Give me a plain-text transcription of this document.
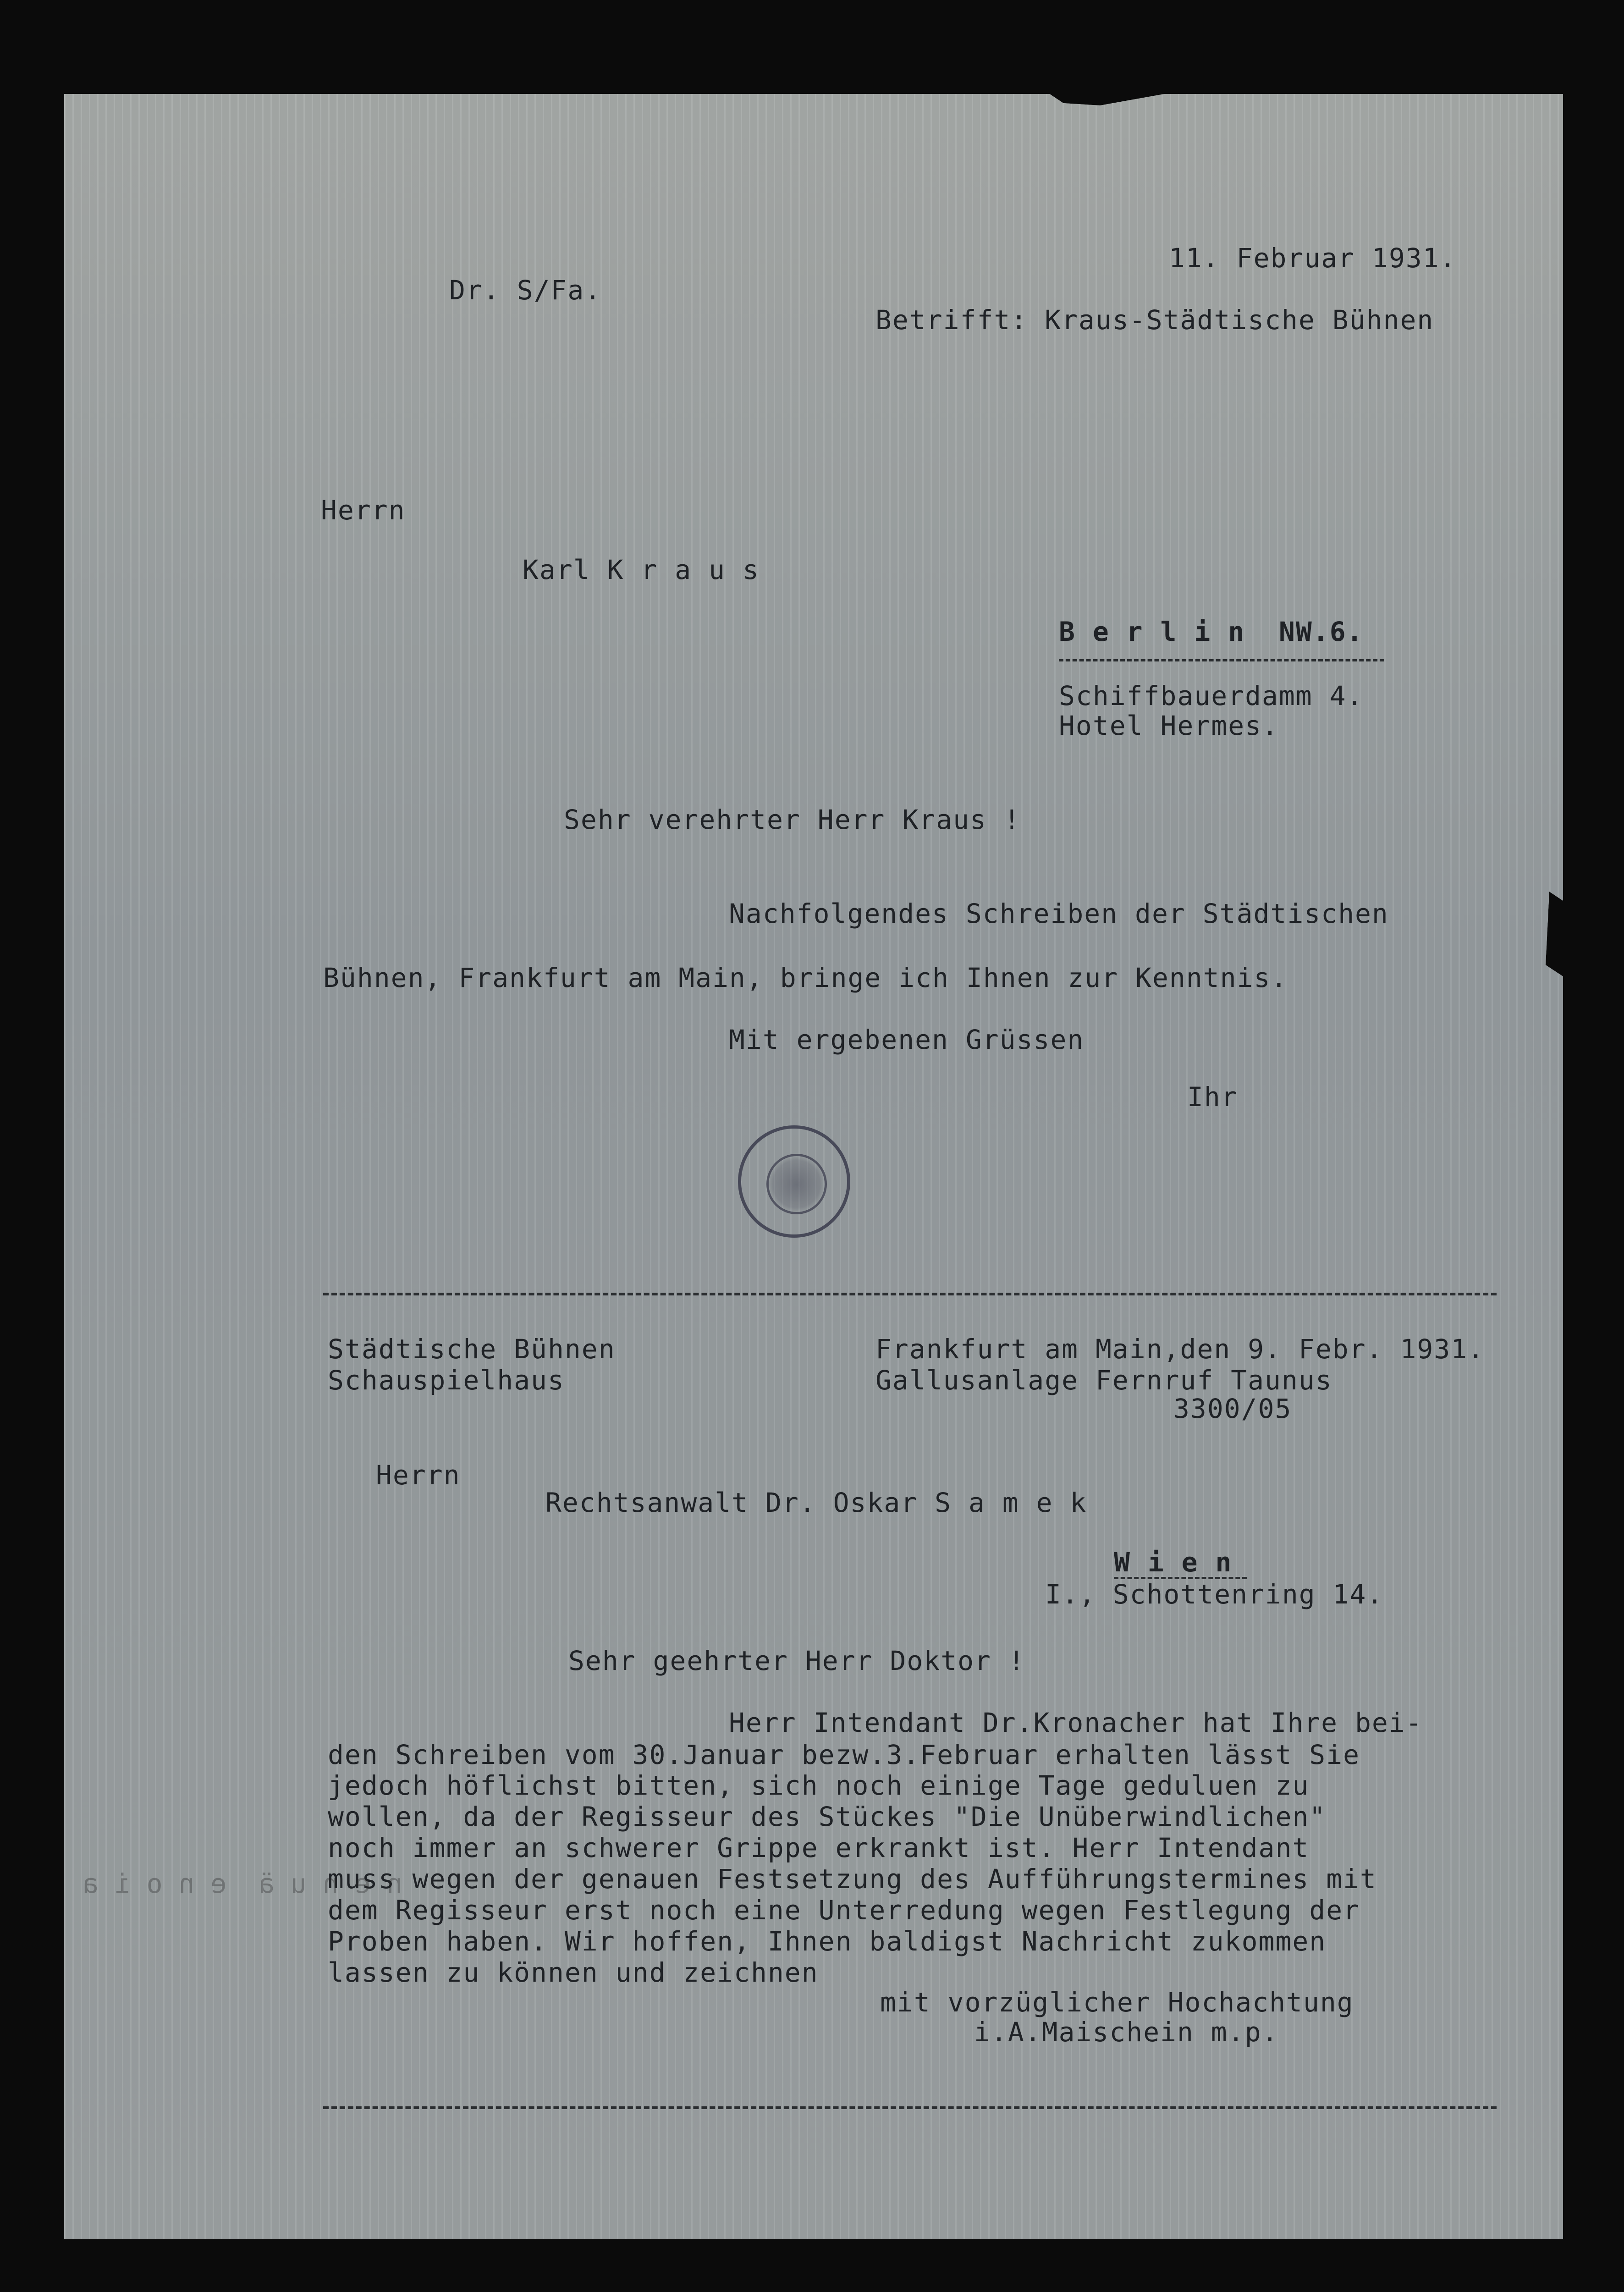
11. Februar 1931.
Dr. S/Fa.
Betrifft: Kraus-Städtische Bühnen
Herrn
Karl K r a u s
B e r l i n  NW.6.
Schiffbauerdamm 4.
Hotel Hermes.
Sehr verehrter Herr Kraus !
Nachfolgendes Schreiben der Städtischen
Bühnen, Frankfurt am Main, bringe ich Ihnen zur Kenntnis.
Mit ergebenen Grüssen
Ihr
Städtische Bühnen
Schauspielhaus
Frankfurt am Main,den 9. Febr. 1931.
Gallusanlage Fernruf Taunus
3300/05
Herrn
Rechtsanwalt Dr. Oskar S a m e k
W i e n
I., Schottenring 14.
Sehr geehrter Herr Doktor !
Herr Intendant Dr.Kronacher hat Ihre bei-
den Schreiben vom 30.Januar bezw.3.Februar erhalten lässt Sie
jedoch höflichst bitten, sich noch einige Tage geduluen zu
wollen, da der Regisseur des Stückes "Die Unüberwindlichen"
noch immer an schwerer Grippe erkrankt ist. Herr Intendant
muss wegen der genauen Festsetzung des Aufführungstermines mit
dem Regisseur erst noch eine Unterredung wegen Festlegung der
Proben haben. Wir hoffen, Ihnen baldigst Nachricht zukommen
lassen zu können und zeichnen
mit vorzüglicher Hochachtung
i.A.Maischein m.p.
n e n u ä  e n o i a
